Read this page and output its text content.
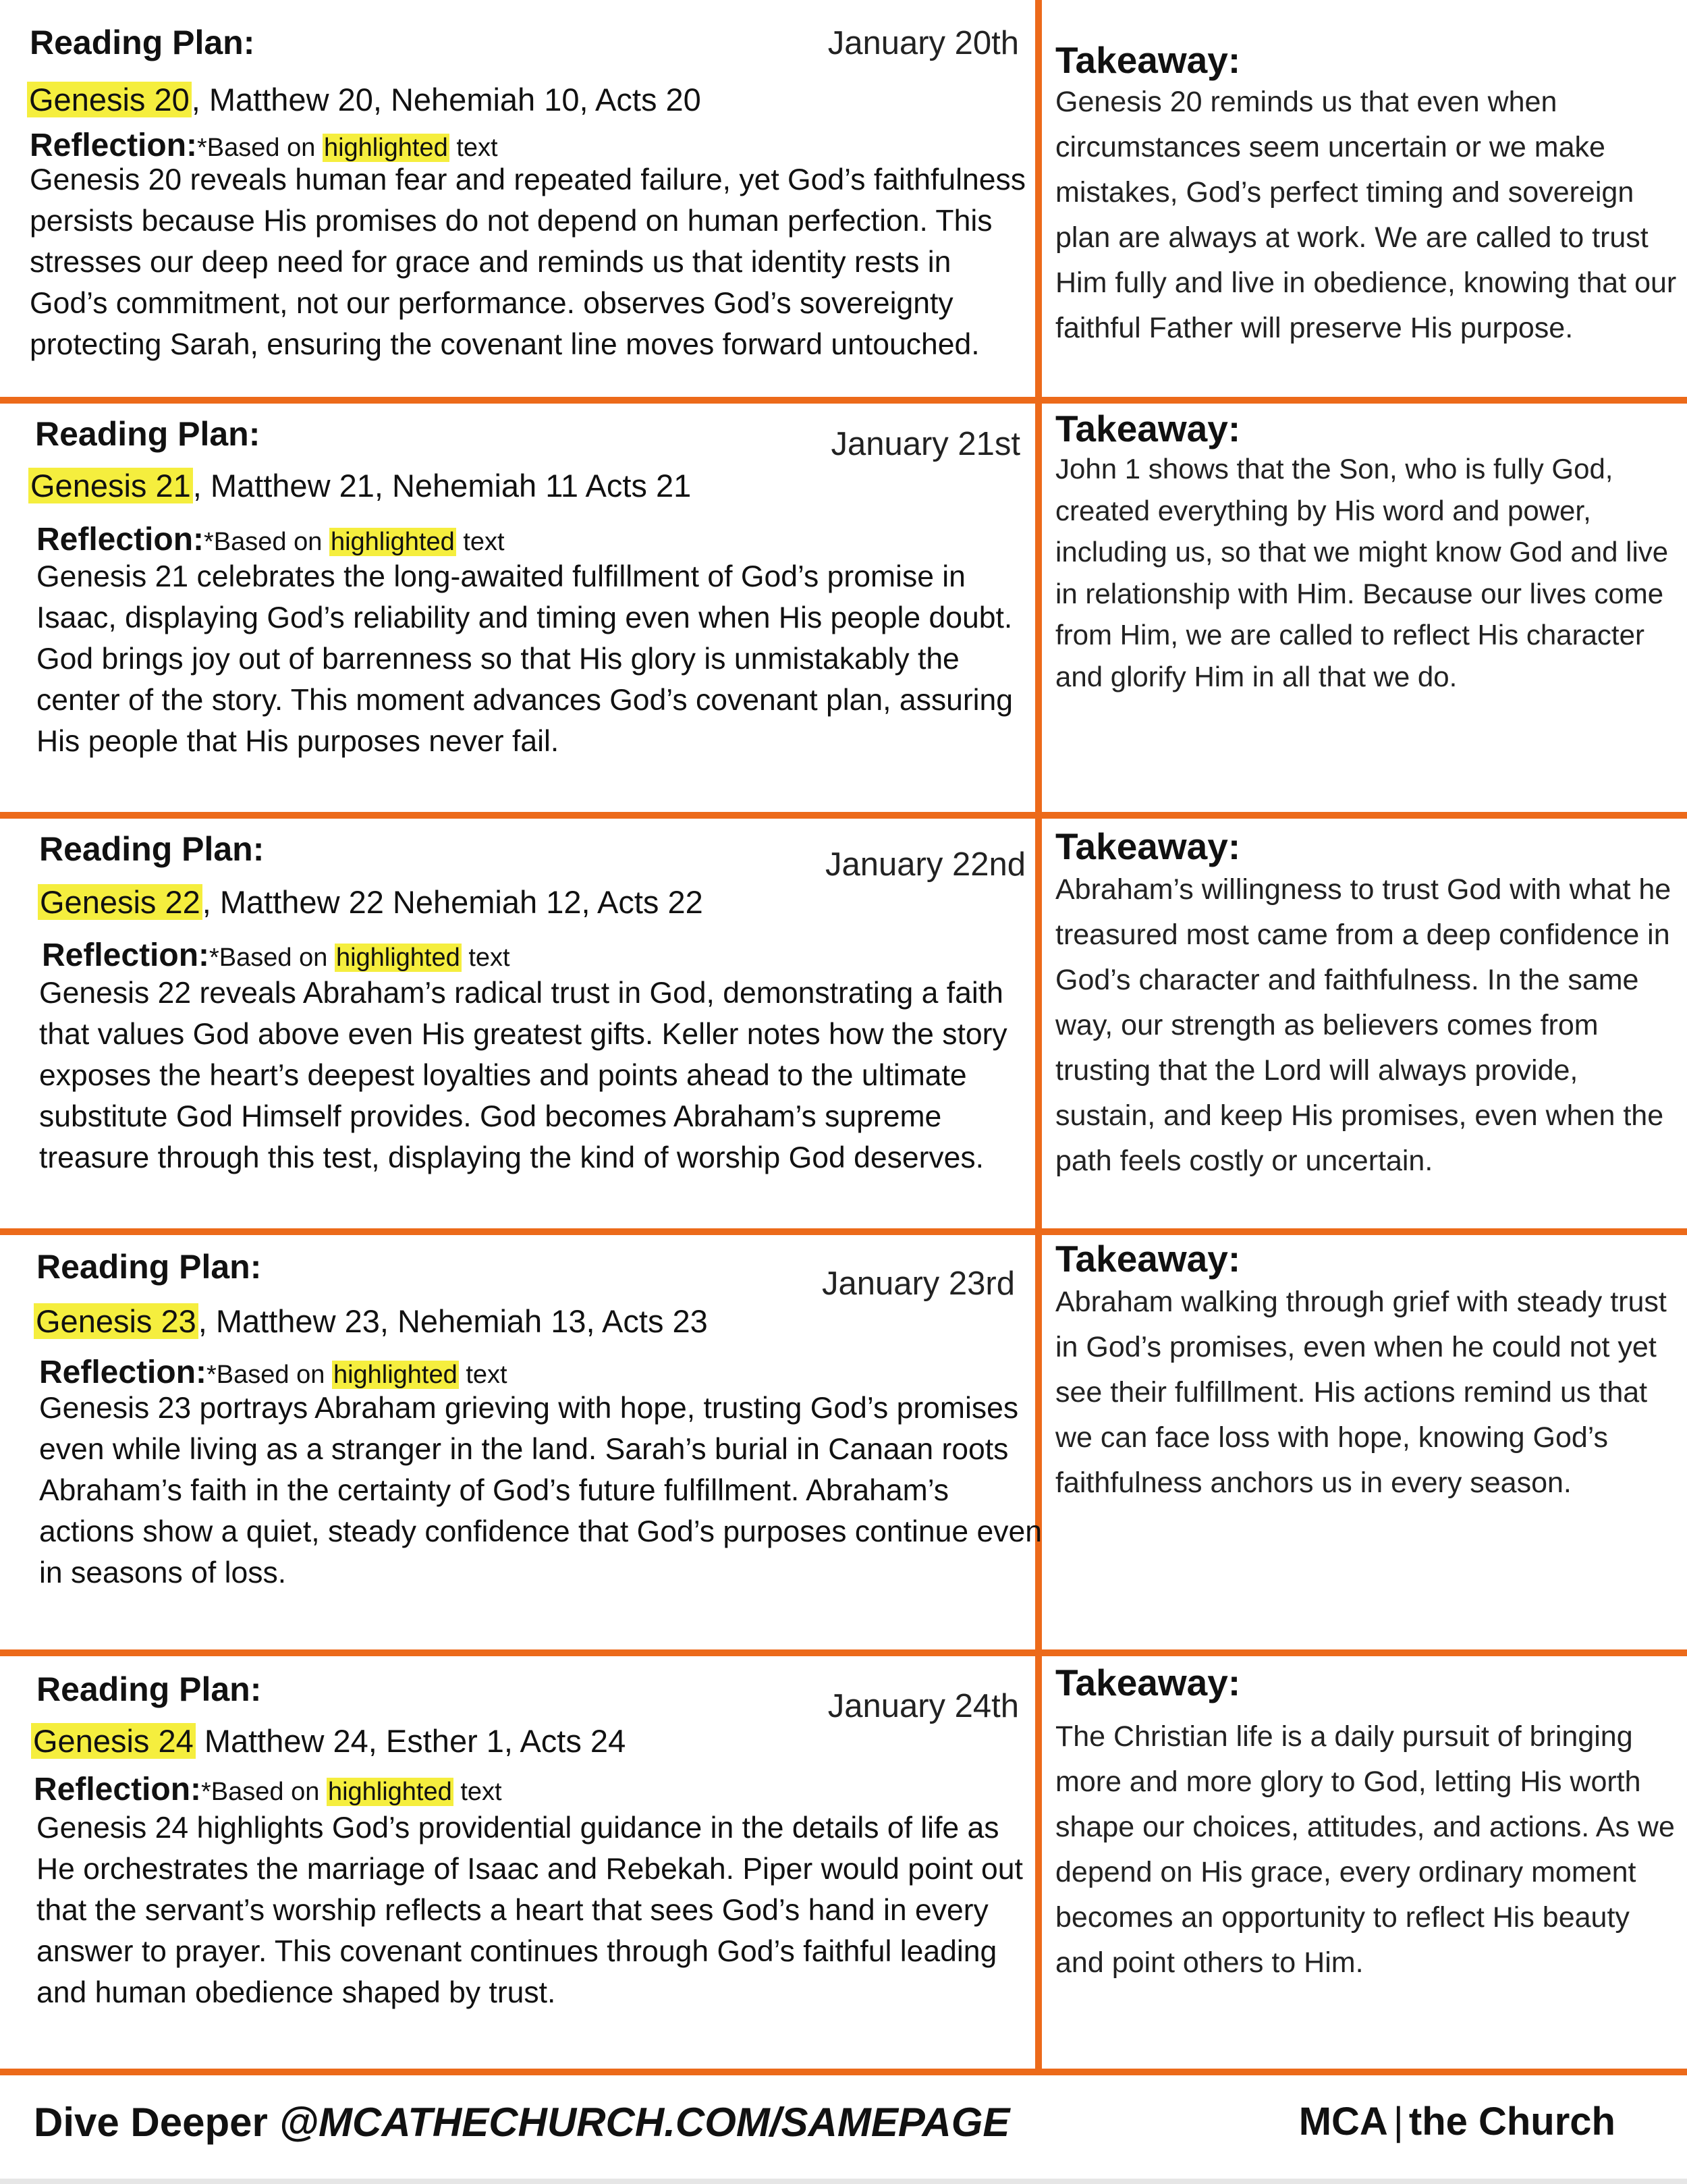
Reading Plan:	January 20th
Genesis 20, Matthew 20, Nehemiah 10, Acts 20
Reflection:*Based on highlighted text
Genesis 20 reveals human fear and repeated failure, yet God’s faithfulness persists because His promises do not depend on human perfection. This stresses our deep need for grace and reminds us that identity rests in God’s commitment, not our performance. observes God’s sovereignty protecting Sarah, ensuring the covenant line moves forward untouched.
Takeaway:
Genesis 20 reminds us that even when circumstances seem uncertain or we make mistakes, God’s perfect timing and sovereign plan are always at work. We are called to trust Him fully and live in obedience, knowing that our faithful Father will preserve His purpose.
Reading Plan:	January 21st
Genesis 21, Matthew 21, Nehemiah 11 Acts 21
Reflection:*Based on highlighted text
Genesis 21 celebrates the long-awaited fulfillment of God’s promise in Isaac, displaying God’s reliability and timing even when His people doubt. God brings joy out of barrenness so that His glory is unmistakably the center of the story. This moment advances God’s covenant plan, assuring His people that His purposes never fail.
Takeaway:
John 1 shows that the Son, who is fully God, created everything by His word and power, including us, so that we might know God and live in relationship with Him. Because our lives come from Him, we are called to reflect His character and glorify Him in all that we do.
Reading Plan:	January 22nd
Genesis 22, Matthew 22 Nehemiah 12, Acts 22
Reflection:*Based on highlighted text
Genesis 22 reveals Abraham’s radical trust in God, demonstrating a faith that values God above even His greatest gifts. Keller notes how the story exposes the heart’s deepest loyalties and points ahead to the ultimate substitute God Himself provides. God becomes Abraham’s supreme treasure through this test, displaying the kind of worship God deserves.
Takeaway:
Abraham’s willingness to trust God with what he treasured most came from a deep confidence in God’s character and faithfulness. In the same way, our strength as believers comes from trusting that the Lord will always provide, sustain, and keep His promises, even when the path feels costly or uncertain.
Reading Plan:	January 23rd
Genesis 23, Matthew 23, Nehemiah 13, Acts 23
Reflection:*Based on highlighted text
Genesis 23 portrays Abraham grieving with hope, trusting God’s promises even while living as a stranger in the land. Sarah’s burial in Canaan roots Abraham’s faith in the certainty of God’s future fulfillment. Abraham’s actions show a quiet, steady confidence that God’s purposes continue even in seasons of loss.
Takeaway:
Abraham walking through grief with steady trust in God’s promises, even when he could not yet see their fulfillment. His actions remind us that we can face loss with hope, knowing God’s faithfulness anchors us in every season.
Reading Plan:	January 24th
Genesis 24 Matthew 24, Esther 1, Acts 24
Reflection:*Based on highlighted text
Genesis 24 highlights God’s providential guidance in the details of life as He orchestrates the marriage of Isaac and Rebekah. Piper would point out that the servant’s worship reflects a heart that sees God’s hand in every answer to prayer. This covenant continues through God’s faithful leading and human obedience shaped by trust.
Takeaway:
The Christian life is a daily pursuit of bringing more and more glory to God, letting His worth shape our choices, attitudes, and actions. As we depend on His grace, every ordinary moment becomes an opportunity to reflect His beauty and point others to Him.
Dive Deeper @MCATHECHURCH.COM/SAMEPAGE	MCA | the Church
